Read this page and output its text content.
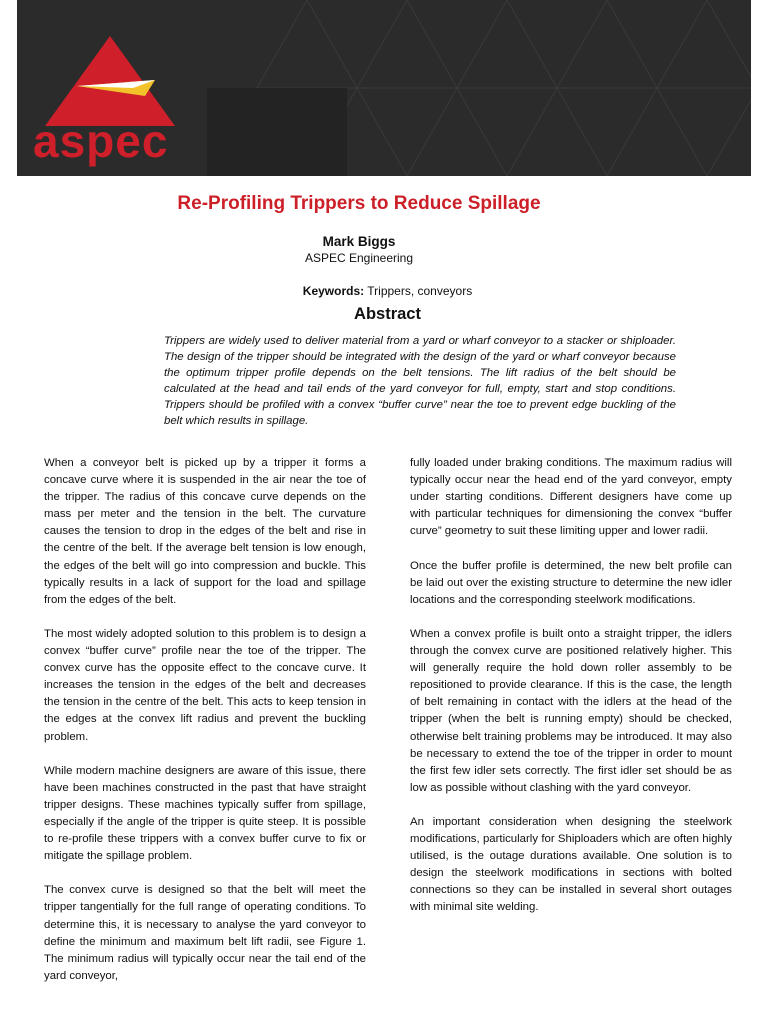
aspec
Re-Profiling Trippers to Reduce Spillage
Mark Biggs
ASPEC Engineering
Keywords: Trippers, conveyors
Abstract

Trippers are widely used to deliver material from a yard or wharf conveyor to a stacker or shiploader. The design of the tripper should be integrated with the design of the yard or wharf conveyor because the optimum tripper profile depends on the belt tensions. The lift radius of the belt should be calculated at the head and tail ends of the yard conveyor for full, empty, start and stop conditions. Trippers should be profiled with a convex “buffer curve” near the toe to prevent edge buckling of the belt which results in spillage.

When a conveyor belt is picked up by a tripper it forms a concave curve where it is suspended in the air near the toe of the tripper. The radius of this concave curve depends on the mass per meter and the tension in the belt. The curvature causes the tension to drop in the edges of the belt and rise in the centre of the belt. If the average belt tension is low enough, the edges of the belt will go into compression and buckle. This typically results in a lack of support for the load and spillage from the edges of the belt.

The most widely adopted solution to this problem is to design a convex “buffer curve” profile near the toe of the tripper. The convex curve has the opposite effect to the concave curve. It increases the tension in the edges of the belt and decreases the tension in the centre of the belt. This acts to keep tension in the edges at the convex lift radius and prevent the buckling problem.

While modern machine designers are aware of this issue, there have been machines constructed in the past that have straight tripper designs. These machines typically suffer from spillage, especially if the angle of the tripper is quite steep. It is possible to re-profile these trippers with a convex buffer curve to fix or mitigate the spillage problem.

The convex curve is designed so that the belt will meet the tripper tangentially for the full range of operating conditions. To determine this, it is necessary to analyse the yard conveyor to define the minimum and maximum belt lift radii, see Figure 1. The minimum radius will typically occur near the tail end of the yard conveyor,

fully loaded under braking conditions. The maximum radius will typically occur near the head end of the yard conveyor, empty under starting conditions. Different designers have come up with particular techniques for dimensioning the convex “buffer curve” geometry to suit these limiting upper and lower radii.

Once the buffer profile is determined, the new belt profile can be laid out over the existing structure to determine the new idler locations and the corresponding steelwork modifications.

When a convex profile is built onto a straight tripper, the idlers through the convex curve are positioned relatively higher. This will generally require the hold down roller assembly to be repositioned to provide clearance. If this is the case, the length of belt remaining in contact with the idlers at the head of the tripper (when the belt is running empty) should be checked, otherwise belt training problems may be introduced. It may also be necessary to extend the toe of the tripper in order to mount the first few idler sets correctly. The first idler set should be as low as possible without clashing with the yard conveyor.

An important consideration when designing the steelwork modifications, particularly for Shiploaders which are often highly utilised, is the outage durations available. One solution is to design the steelwork modifications in sections with bolted connections so they can be installed in several short outages with minimal site welding.
